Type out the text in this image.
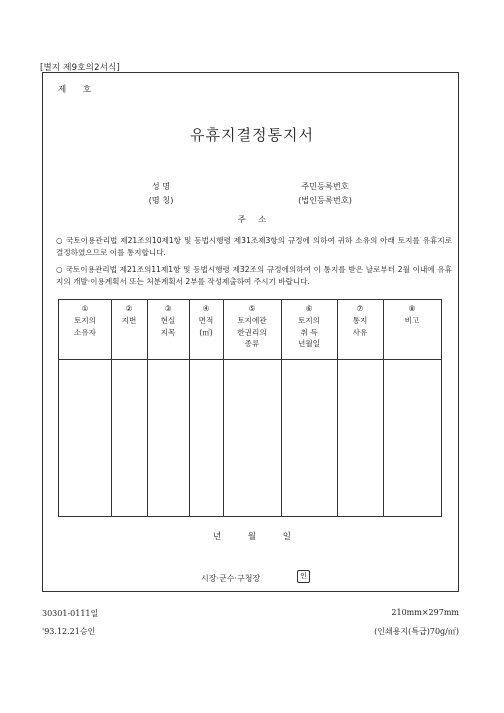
[별지 제9호의2서식]
제 호
유휴지결정통지서
성 명
(명 칭)
주민등록번호
(법인등록번호)
주 소
○ 국토이용관리법 제21조의10제1항 및 동법시행령 제31조제3항의 규정에 의하여 귀하 소유의 아래 토지를 유휴지로 결정하였으므로 이를 통지합니다.
○ 국토이용관리법 제21조의11제1항 및 동법시행령 제32조의 규정에의하여 이 통지를 받은 날로부터 2월 이내에 유휴지의 개발·이용계획서 또는 처분계획서 2부를 작성제출하여 주시기 바랍니다.
①
토지의
소유자
②
지번
③
현실
지목
④
면적
(㎡)
⑤
토지에관
한권리의
종류
⑥
토지의
취 득
년월일
⑦
통지
사유
⑧
비고
년 월 일
시장·군수·구청장	인
30301-0111일
'93.12.21승인
210mm×297mm
(인쇄용지(특급)70g/㎡)
